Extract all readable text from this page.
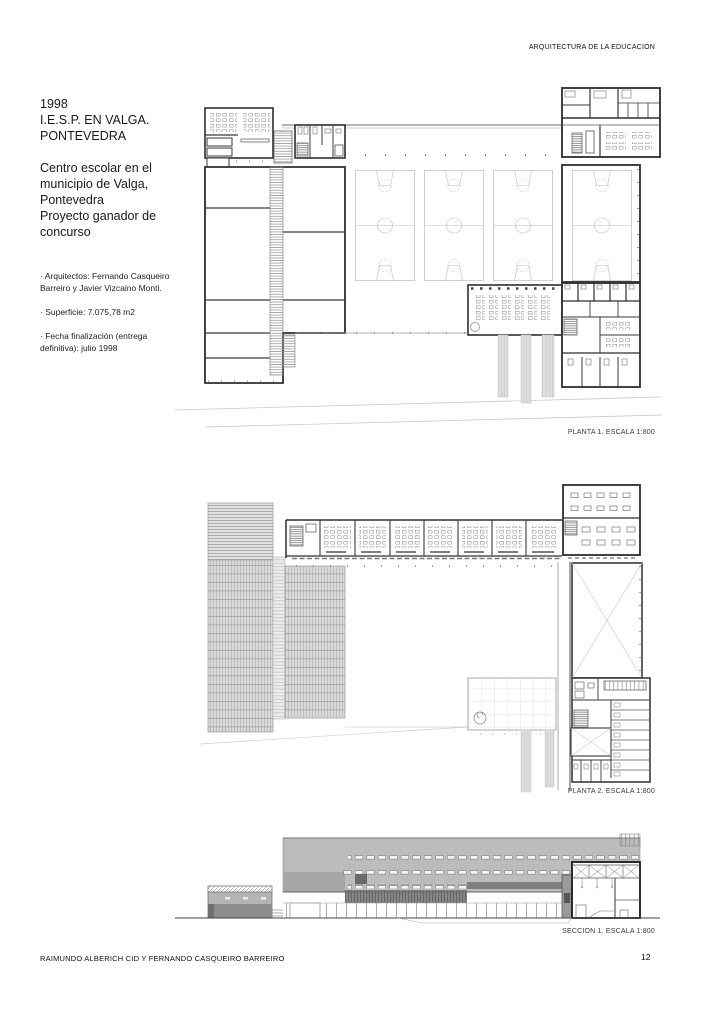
ARQUITECTURA DE LA EDUCACION
1998
I.E.S.P. EN VALGA.
PONTEVEDRA
Centro escolar en el municipio de Valga, Pontevedra
Proyecto ganador de concurso

· Arquitectos: Fernando Casqueiro Barreiro y Javier Vizcaino Monti.

· Superficie: 7.075,78 m2

· Fecha finalización (entrega definitiva): julio 1998

PLANTA 1. ESCALA 1:800
PLANTA 2. ESCALA 1:800
SECCION 1. ESCALA 1:800
RAIMUNDO ALBERICH CID Y FERNANDO CASQUEIRO BARREIRO	12
